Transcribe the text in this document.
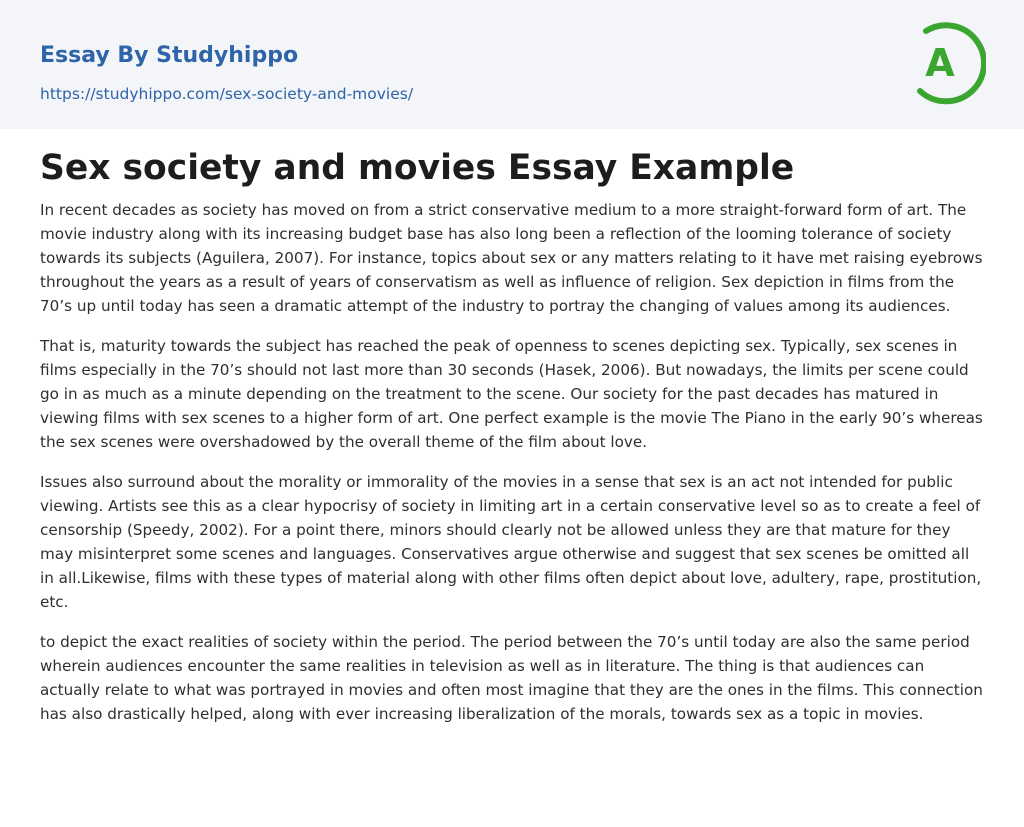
Essay By Studyhippo
https://studyhippo.com/sex-society-and-movies/
A
Sex society and movies Essay Example

In recent decades as society has moved on from a strict conservative medium to a more straight-forward form of art. The movie industry along with its increasing budget base has also long been a reflection of the looming tolerance of society towards its subjects (Aguilera, 2007). For instance, topics about sex or any matters relating to it have met raising eyebrows throughout the years as a result of years of conservatism as well as influence of religion. Sex depiction in films from the 70’s up until today has seen a dramatic attempt of the industry to portray the changing of values among its audiences.

That is, maturity towards the subject has reached the peak of openness to scenes depicting sex. Typically, sex scenes in films especially in the 70’s should not last more than 30 seconds (Hasek, 2006). But nowadays, the limits per scene could go in as much as a minute depending on the treatment to the scene. Our society for the past decades has matured in viewing films with sex scenes to a higher form of art. One perfect example is the movie The Piano in the early 90’s whereas the sex scenes were overshadowed by the overall theme of the film about love.

Issues also surround about the morality or immorality of the movies in a sense that sex is an act not intended for public viewing. Artists see this as a clear hypocrisy of society in limiting art in a certain conservative level so as to create a feel of censorship (Speedy, 2002). For a point there, minors should clearly not be allowed unless they are that mature for they may misinterpret some scenes and languages. Conservatives argue otherwise and suggest that sex scenes be omitted all in all.Likewise, films with these types of material along with other films often depict about love, adultery, rape, prostitution, etc.

to depict the exact realities of society within the period. The period between the 70’s until today are also the same period wherein audiences encounter the same realities in television as well as in literature. The thing is that audiences can actually relate to what was portrayed in movies and often most imagine that they are the ones in the films. This connection has also drastically helped, along with ever increasing liberalization of the morals, towards sex as a topic in movies.
